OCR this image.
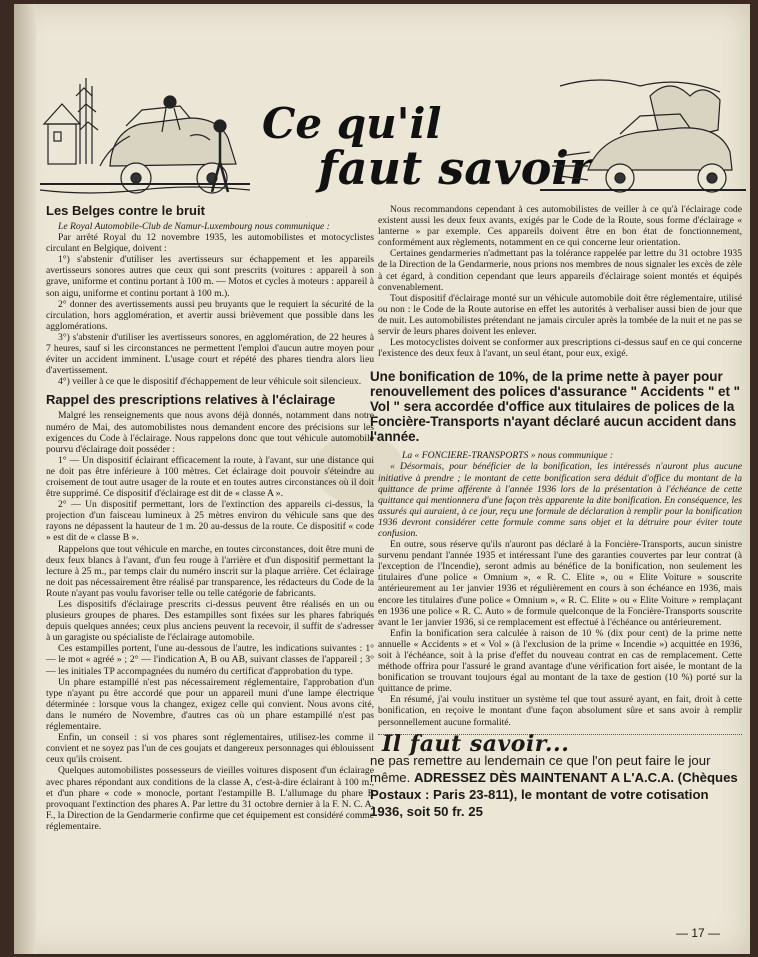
Ce qu'il
faut savoir
Les Belges contre le bruit

Le Royal Automobile-Club de Namur-Luxembourg nous communique :

Par arrêté Royal du 12 novembre 1935, les automobilistes et motocyclistes circulant en Belgique, doivent :

1°) s'abstenir d'utiliser les avertisseurs sur échappement et les appareils avertisseurs sonores autres que ceux qui sont prescrits (voitures : appareil à son grave, uniforme et continu portant à 100 m. — Motos et cycles à moteurs : appareil à son aigu, uniforme et continu portant à 100 m.).

2° donner des avertissements aussi peu bruyants que le requiert la sécurité de la circulation, hors agglomération, et avertir aussi brièvement que possible dans les agglomérations.

3°) s'abstenir d'utiliser les avertisseurs sonores, en agglomération, de 22 heures à 7 heures, sauf si les circonstances ne permettent l'emploi d'aucun autre moyen pour éviter un accident imminent. L'usage court et répété des phares tiendra alors lieu d'avertissement.

4°) veiller à ce que le dispositif d'échappement de leur véhicule soit silencieux.

Rappel des prescriptions relatives à l'éclairage

Malgré les renseignements que nous avons déjà donnés, notamment dans notre numéro de Mai, des automobilistes nous demandent encore des précisions sur les exigences du Code à l'éclairage. Nous rappelons donc que tout véhicule automobile pourvu d'éclairage doit posséder :

1° — Un dispositif éclairant efficacement la route, à l'avant, sur une distance qui ne doit pas être inférieure à 100 mètres. Cet éclairage doit pouvoir s'éteindre au croisement de tout autre usager de la route et en toutes autres circonstances où il doit être supprimé. Ce dispositif d'éclairage est dit de « classe A ».

2° — Un dispositif permettant, lors de l'extinction des appareils ci-dessus, la projection d'un faisceau lumineux à 25 mètres environ du véhicule sans que des rayons ne dépassent la hauteur de 1 m. 20 au-dessus de la route. Ce dispositif « code » est dit de « classe B ».

Rappelons que tout véhicule en marche, en toutes circonstances, doit être muni de deux feux blancs à l'avant, d'un feu rouge à l'arrière et d'un dispositif permettant la lecture à 25 m., par temps clair du numéro inscrit sur la plaque arrière. Cet éclairage ne doit pas nécessairement être réalisé par transparence, les rédacteurs du Code de la Route n'ayant pas voulu favoriser telle ou telle catégorie de fabricants.

Les dispositifs d'éclairage prescrits ci-dessus peuvent être réalisés en un ou plusieurs groupes de phares. Des estampilles sont fixées sur les phares fabriqués depuis quelques années; ceux plus anciens peuvent la recevoir, il suffit de s'adresser à un garagiste ou spécialiste de l'éclairage automobile.

Ces estampilles portent, l'une au-dessous de l'autre, les indications suivantes : 1° — le mot « agréé » ; 2° — l'indication A, B ou AB, suivant classes de l'appareil ; 3° — les initiales TP accompagnées du numéro du certificat d'approbation du type.

Un phare estampillé n'est pas nécessairement réglementaire, l'approbation d'un type n'ayant pu être accordé que pour un appareil muni d'une lampe électrique déterminée : lorsque vous la changez, exigez celle qui convient. Nous avons cité, dans le numéro de Novembre, d'autres cas où un phare estampillé n'est pas réglementaire.

Enfin, un conseil : si vos phares sont réglementaires, utilisez-les comme il convient et ne soyez pas l'un de ces goujats et dangereux personnages qui éblouissent ceux qu'ils croisent.

Quelques automobilistes possesseurs de vieilles voitures disposent d'un éclairage avec phares répondant aux conditions de la classe A, c'est-à-dire éclairant à 100 m., et d'un phare « code » monocle, portant l'estampille B. L'allumage du phare B provoquant l'extinction des phares A. Par lettre du 31 octobre dernier à la F. N. C. A. F., la Direction de la Gendarmerie confirme que cet équipement est considéré comme réglementaire.

Nous recommandons cependant à ces automobilistes de veiller à ce qu'à l'éclairage code existent aussi les deux feux avants, exigés par le Code de la Route, sous forme d'éclairage « lanterne » par exemple. Ces appareils doivent être en bon état de fonctionnement, conformément aux règlements, notamment en ce qui concerne leur orientation.

Certaines gendarmeries n'admettant pas la tolérance rappelée par lettre du 31 octobre 1935 de la Direction de la Gendarmerie, nous prions nos membres de nous signaler les excès de zèle à cet égard, à condition cependant que leurs appareils d'éclairage soient montés et équipés convenablement.

Tout dispositif d'éclairage monté sur un véhicule automobile doit être réglementaire, utilisé ou non : le Code de la Route autorise en effet les autorités à verbaliser aussi bien de jour que de nuit. Les automobilistes prétendant ne jamais circuler après la tombée de la nuit et ne pas se servir de leurs phares doivent les enlever.

Les motocyclistes doivent se conformer aux prescriptions ci-dessus sauf en ce qui concerne l'existence des deux feux à l'avant, un seul étant, pour eux, exigé.

Une bonification de 10%, de la prime nette à payer pour renouvellement des polices d'assurance " Accidents " et " Vol " sera accordée d'office aux titulaires de polices de la Foncière-Transports n'ayant déclaré aucun accident dans l'année.

La « FONCIERE-TRANSPORTS » nous communique :

« Désormais, pour bénéficier de la bonification, les intéressés n'auront plus aucune initiative à prendre ; le montant de cette bonification sera déduit d'office du montant de la quittance de prime afférente à l'année 1936 lors de la présentation à l'échéance de cette quittance qui mentionnera d'une façon très apparente la dite bonification. En conséquence, les assurés qui auraient, à ce jour, reçu une formule de déclaration à remplir pour la bonification 1936 devront considérer cette formule comme sans objet et la détruire pour éviter toute confusion.

En outre, sous réserve qu'ils n'auront pas déclaré à la Foncière-Transports, aucun sinistre survenu pendant l'année 1935 et intéressant l'une des garanties couvertes par leur contrat (à l'exception de l'Incendie), seront admis au bénéfice de la bonification, non seulement les titulaires d'une police « Omnium », « R. C. Elite », ou « Elite Voiture » souscrite antérieurement au 1er janvier 1936 et régulièrement en cours à son échéance en 1936, mais encore les titulaires d'une police « Omnium », « R. C. Elite » ou « Elite Voiture » remplaçant en 1936 une police « R. C. Auto » de formule quelconque de la Foncière-Transports souscrite avant le 1er janvier 1936, si ce remplacement est effectué à l'échéance ou antérieurement.

Enfin la bonification sera calculée à raison de 10 % (dix pour cent) de la prime nette annuelle « Accidents » et « Vol » (à l'exclusion de la prime « Incendie ») acquittée en 1936, soit à l'échéance, soit à la prise d'effet du nouveau contrat en cas de remplacement. Cette méthode offrira pour l'assuré le grand avantage d'une vérification fort aisée, le montant de la bonification se trouvant toujours égal au montant de la taxe de gestion (10 %) porté sur la quittance de prime.

En résumé, j'ai voulu instituer un système tel que tout assuré ayant, en fait, droit à cette bonification, en reçoive le montant d'une façon absolument sûre et sans avoir à remplir personnellement aucune formalité.

Il faut savoir...
ne pas remettre au lendemain ce que l'on peut faire le jour même. ADRESSEZ DÈS MAINTENANT A L'A.C.A. (Chèques Postaux : Paris 23-811), le montant de votre cotisation 1936, soit 50 fr. 25
— 17 —
